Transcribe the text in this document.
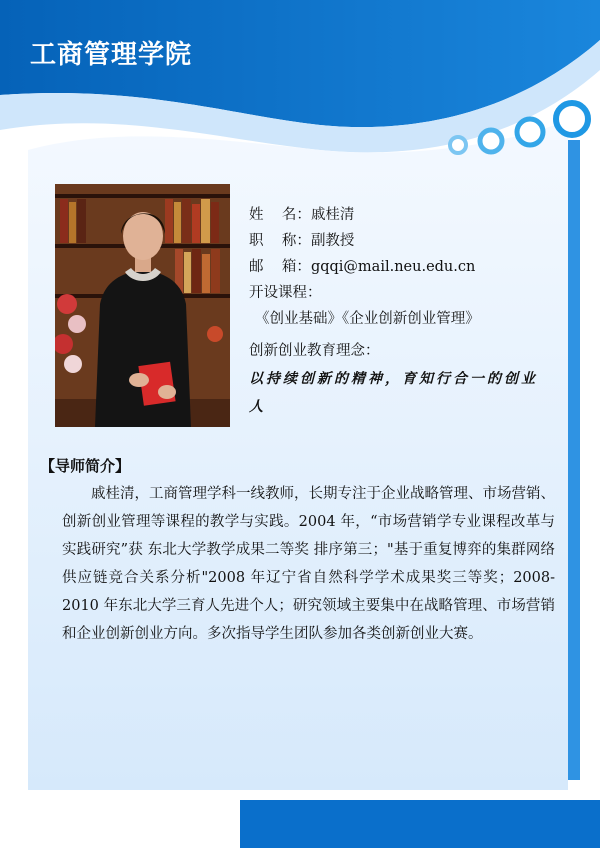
工商管理学院
姓    名：戚桂清
职    称：副教授
邮    箱：gqqi@mail.neu.edu.cn
开设课程：
《创业基础》《企业创新创业管理》
创新创业教育理念：
以持续创新的精神，育知行合一的创业人
【导师简介】
戚桂清，工商管理学科一线教师，长期专注于企业战略管理、市场营销、创新创业管理等课程的教学与实践。2004 年，“市场营销学专业课程改革与实践研究”获 东北大学教学成果二等奖 排序第三；"基于重复博弈的集群网络供应链竞合关系分析"2008 年辽宁省自然科学学术成果奖三等奖；2008-2010 年东北大学三育人先进个人；研究领域主要集中在战略管理、市场营销和企业创新创业方向。多次指导学生团队参加各类创新创业大赛。
